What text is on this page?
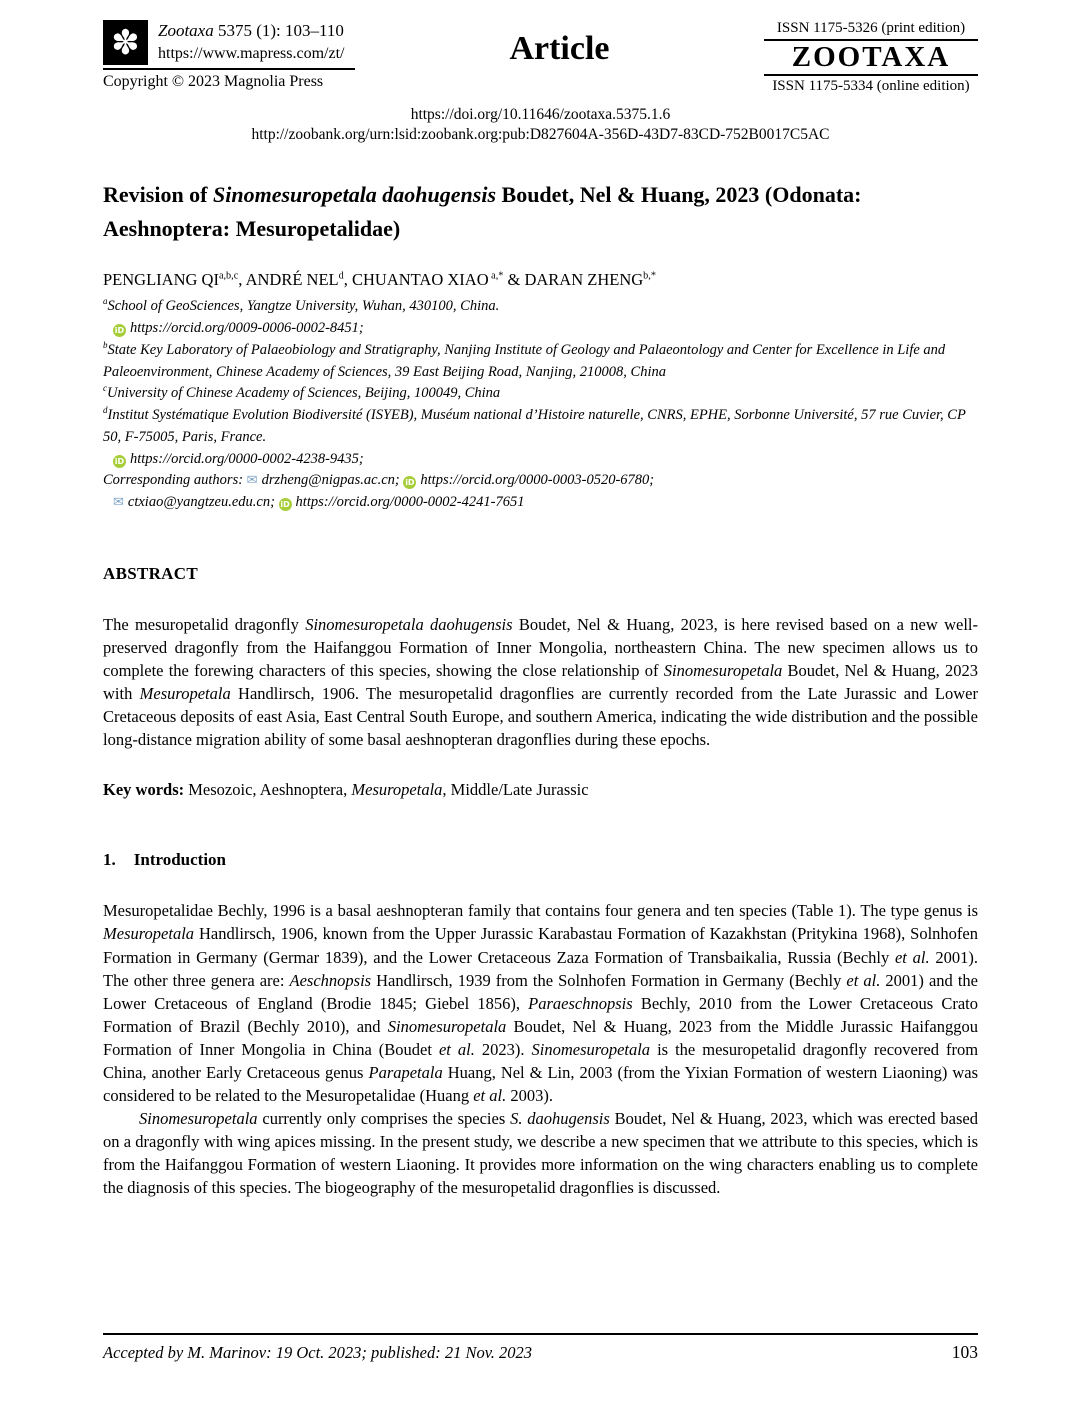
✽ Zootaxa 5375 (1): 103–110
https://www.mapress.com/zt/
Copyright © 2023 Magnolia Press
Article
ISSN 1175-5326 (print edition)
ZOOTAXA
ISSN 1175-5334 (online edition)
https://doi.org/10.11646/zootaxa.5375.1.6
http://zoobank.org/urn:lsid:zoobank.org:pub:D827604A-356D-43D7-83CD-752B0017C5AC
Revision of Sinomesuropetala daohugensis Boudet, Nel & Huang, 2023 (Odonata: Aeshnoptera: Mesuropetalidae)
PENGLIANG QI$^{a,b,c}$, ANDRÉ NEL$^d$, CHUANTAO XIAO $^{a,*}$ & DARAN $ZHENG^{b,*}$
$^a$School of GeoSciences, Yangtze University, Wuhan, 430100, China.
iD https://orcid.org/0009-0006-0002-8451;
$^b$State Key Laboratory of Palaeobiology and Stratigraphy, Nanjing Institute of Geology and Palaeontology and Center for Excellence in Life and Paleoenvironment, Chinese Academy of Sciences, 39 East Beijing Road, Nanjing, 210008, China
$^c$University of Chinese Academy of Sciences, Beijing, 100049, China
$^d$Institut Systématique Evolution Biodiversité (ISYEB), Muséum national d’Histoire naturelle, CNRS, EPHE, Sorbonne Université, 57 rue Cuvier, CP 50, F-75005, Paris, France.
iD https://orcid.org/0000-0002-4238-9435;
Corresponding authors: ✉ drzheng@nigpas.ac.cn; iD https://orcid.org/0000-0003-0520-6780;
✉ ctxiao@yangtzeu.edu.cn; iD https://orcid.org/0000-0002-4241-7651
ABSTRACT

The mesuropetalid dragonfly Sinomesuropetala daohugensis Boudet, Nel & Huang, 2023, is here revised based on a new well-preserved dragonfly from the Haifanggou Formation of Inner Mongolia, northeastern China. The new specimen allows us to complete the forewing characters of this species, showing the close relationship of Sinomesuropetala Boudet, Nel & Huang, 2023 with Mesuropetala Handlirsch, 1906. The mesuropetalid dragonflies are currently recorded from the Late Jurassic and Lower Cretaceous deposits of east Asia, East Central South Europe, and southern America, indicating the wide distribution and the possible long-distance migration ability of some basal aeshnopteran dragonflies during these epochs.

Key words: Mesozoic, Aeshnoptera, Mesuropetala, Middle/Late Jurassic

1. Introduction

Mesuropetalidae Bechly, 1996 is a basal aeshnopteran family that contains four genera and ten species (Table 1). The type genus is Mesuropetala Handlirsch, 1906, known from the Upper Jurassic Karabastau Formation of Kazakhstan (Pritykina 1968), Solnhofen Formation in Germany (Germar 1839), and the Lower Cretaceous Zaza Formation of Transbaikalia, Russia (Bechly et al. 2001). The other three genera are: Aeschnopsis Handlirsch, 1939 from the Solnhofen Formation in Germany (Bechly et al. 2001) and the Lower Cretaceous of England (Brodie 1845; Giebel 1856), Paraeschnopsis Bechly, 2010 from the Lower Cretaceous Crato Formation of Brazil (Bechly 2010), and Sinomesuropetala Boudet, Nel & Huang, 2023 from the Middle Jurassic Haifanggou Formation of Inner Mongolia in China (Boudet et al. 2023). Sinomesuropetala is the mesuropetalid dragonfly recovered from China, another Early Cretaceous genus Parapetala Huang, Nel & Lin, 2003 (from the Yixian Formation of western Liaoning) was considered to be related to the Mesuropetalidae (Huang et al. 2003).

Sinomesuropetala currently only comprises the species S. daohugensis Boudet, Nel & Huang, 2023, which was erected based on a dragonfly with wing apices missing. In the present study, we describe a new specimen that we attribute to this species, which is from the Haifanggou Formation of western Liaoning. It provides more information on the wing characters enabling us to complete the diagnosis of this species. The biogeography of the mesuropetalid dragonflies is discussed.

Accepted by M. Marinov: 19 Oct. 2023; published: 21 Nov. 2023	103
